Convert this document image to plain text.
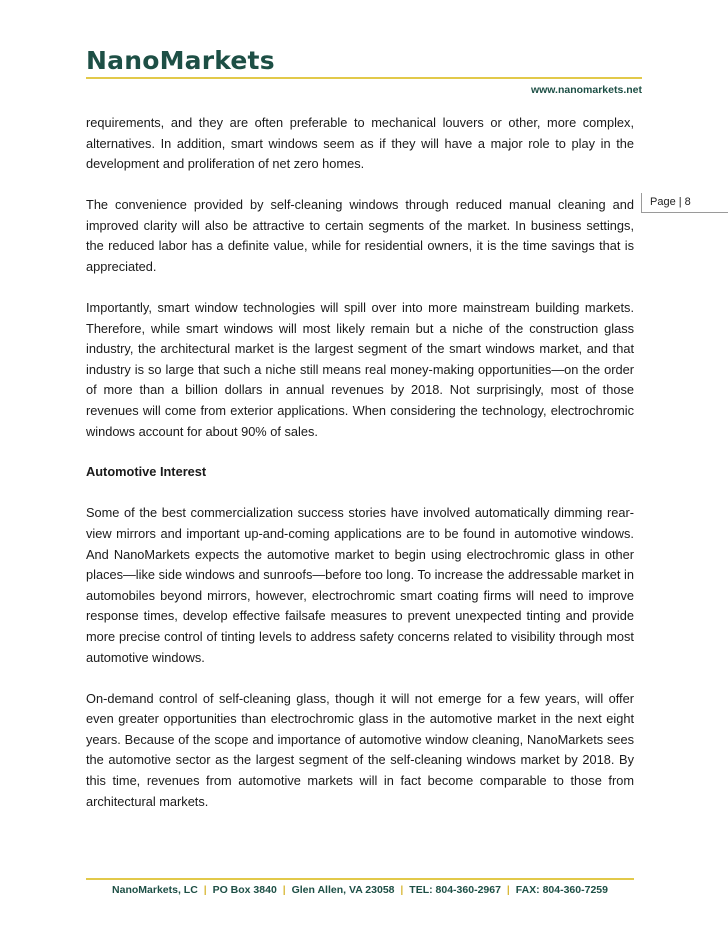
NanoMarkets
www.nanomarkets.net
Page | 8

requirements, and they are often preferable to mechanical louvers or other, more complex, alternatives. In addition, smart windows seem as if they will have a major role to play in the development and proliferation of net zero homes.

The convenience provided by self-cleaning windows through reduced manual cleaning and improved clarity will also be attractive to certain segments of the market. In business settings, the reduced labor has a definite value, while for residential owners, it is the time savings that is appreciated.

Importantly, smart window technologies will spill over into more mainstream building markets. Therefore, while smart windows will most likely remain but a niche of the construction glass industry, the architectural market is the largest segment of the smart windows market, and that industry is so large that such a niche still means real money-making opportunities—on the order of more than a billion dollars in annual revenues by 2018. Not surprisingly, most of those revenues will come from exterior applications. When considering the technology, electrochromic windows account for about 90% of sales.

Automotive Interest

Some of the best commercialization success stories have involved automatically dimming rear-view mirrors and important up-and-coming applications are to be found in automotive windows. And NanoMarkets expects the automotive market to begin using electrochromic glass in other places—like side windows and sunroofs—before too long. To increase the addressable market in automobiles beyond mirrors, however, electrochromic smart coating firms will need to improve response times, develop effective failsafe measures to prevent unexpected tinting and provide more precise control of tinting levels to address safety concerns related to visibility through most automotive windows.

On-demand control of self-cleaning glass, though it will not emerge for a few years, will offer even greater opportunities than electrochromic glass in the automotive market in the next eight years. Because of the scope and importance of automotive window cleaning, NanoMarkets sees the automotive sector as the largest segment of the self-cleaning windows market by 2018. By this time, revenues from automotive markets will in fact become comparable to those from architectural markets.

NanoMarkets, LC | PO Box 3840 | Glen Allen, VA 23058 | TEL: 804-360-2967 | FAX: 804-360-7259
